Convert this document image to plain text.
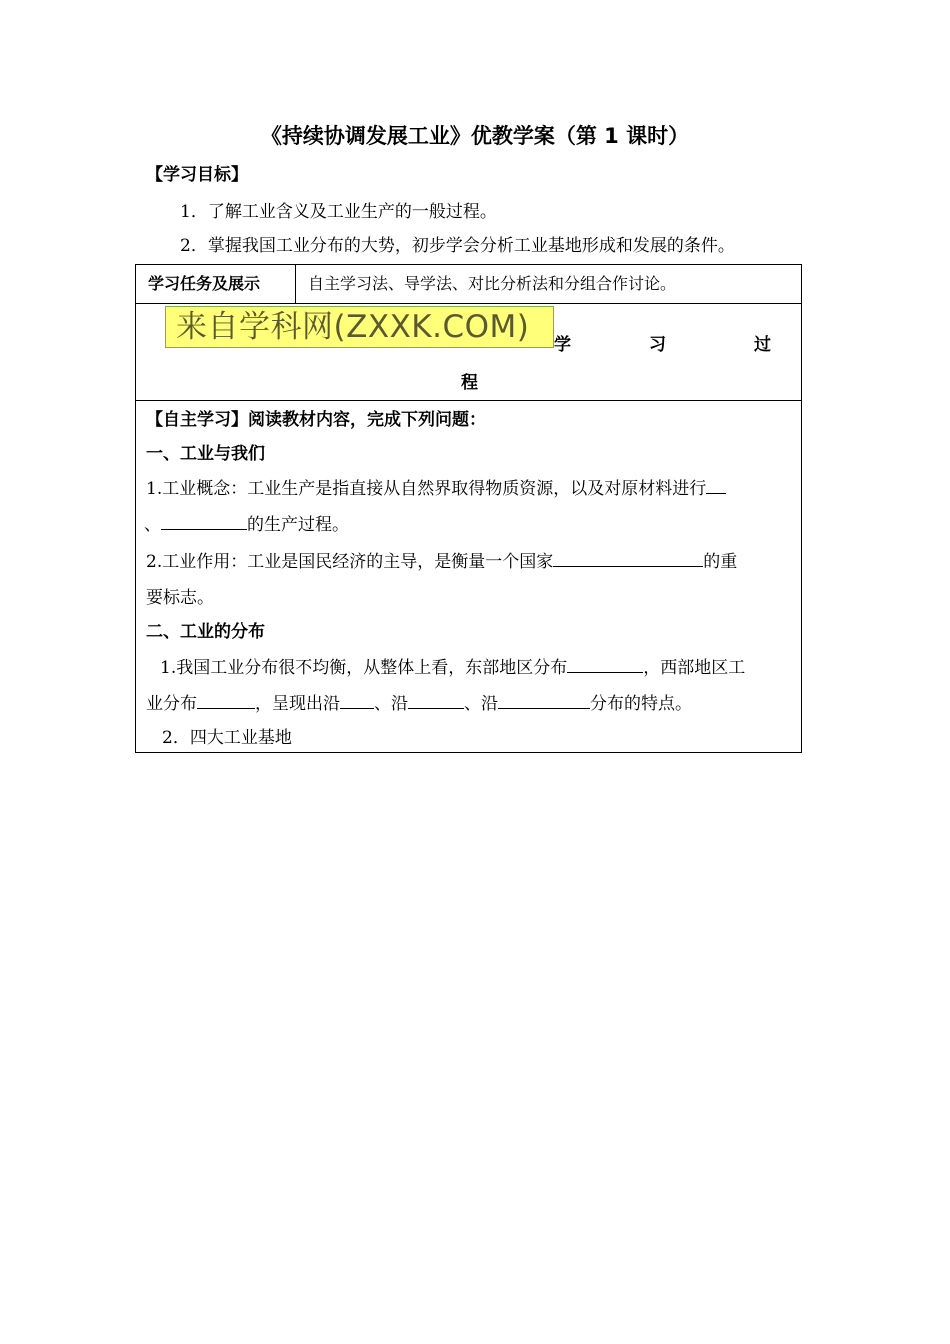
《持续协调发展工业》优教学案（第 1 课时）
【学习目标】
1．了解工业含义及工业生产的一般过程。
2．掌握我国工业分布的大势，初步学会分析工业基地形成和发展的条件。
学习任务及展示	自主学习法、导学法、对比分析法和分组合作讨论。
来自学科网(ZXXK.COM)	学	习	过
程
【自主学习】阅读教材内容，完成下列问题：
一、工业与我们
1.工业概念：工业生产是指直接从自然界取得物质资源，以及对原材料进行
、	的生产过程。
2.工业作用：工业是国民经济的主导，是衡量一个国家	的重
要标志。
二、工业的分布
1.我国工业分布很不均衡，从整体上看，东部地区分布	，西部地区工
业分布	，呈现出沿 、沿	、沿	分布的特点。
2．四大工业基地
